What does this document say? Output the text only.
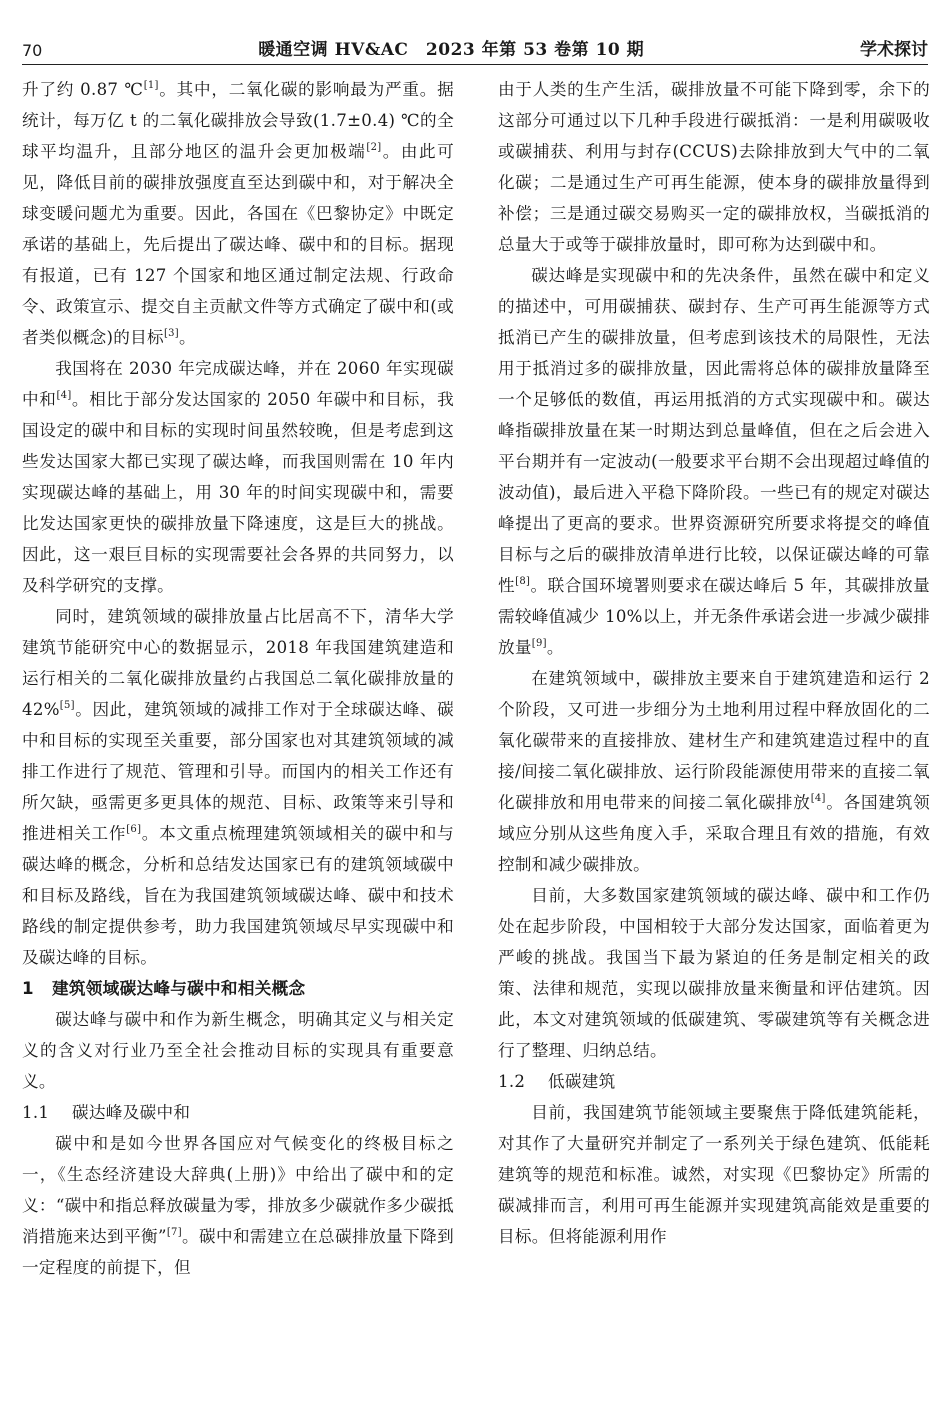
70	暖通空调 HV&AC　2023 年第 53 卷第 10 期	学术探讨

升了约 0.87 ℃[1]。其中，二氧化碳的影响最为严重。据统计，每万亿 t 的二氧化碳排放会导致(1.7±0.4) ℃的全球平均温升，且部分地区的温升会更加极端[2]。由此可见，降低目前的碳排放强度直至达到碳中和，对于解决全球变暖问题尤为重要。因此，各国在《巴黎协定》中既定承诺的基础上，先后提出了碳达峰、碳中和的目标。据现有报道，已有 127 个国家和地区通过制定法规、行政命令、政策宣示、提交自主贡献文件等方式确定了碳中和(或者类似概念)的目标[3]。

我国将在 2030 年完成碳达峰，并在 2060 年实现碳中和[4]。相比于部分发达国家的 2050 年碳中和目标，我国设定的碳中和目标的实现时间虽然较晚，但是考虑到这些发达国家大都已实现了碳达峰，而我国则需在 10 年内实现碳达峰的基础上，用 30 年的时间实现碳中和，需要比发达国家更快的碳排放量下降速度，这是巨大的挑战。因此，这一艰巨目标的实现需要社会各界的共同努力，以及科学研究的支撑。

同时，建筑领域的碳排放量占比居高不下，清华大学建筑节能研究中心的数据显示，2018 年我国建筑建造和运行相关的二氧化碳排放量约占我国总二氧化碳排放量的 42%[5]。因此，建筑领域的减排工作对于全球碳达峰、碳中和目标的实现至关重要，部分国家也对其建筑领域的减排工作进行了规范、管理和引导。而国内的相关工作还有所欠缺，亟需更多更具体的规范、目标、政策等来引导和推进相关工作[6]。本文重点梳理建筑领域相关的碳中和与碳达峰的概念，分析和总结发达国家已有的建筑领域碳中和目标及路线，旨在为我国建筑领域碳达峰、碳中和技术路线的制定提供参考，助力我国建筑领域尽早实现碳中和及碳达峰的目标。

1 建筑领域碳达峰与碳中和相关概念

碳达峰与碳中和作为新生概念，明确其定义与相关定义的含义对行业乃至全社会推动目标的实现具有重要意义。

1.1 碳达峰及碳中和

碳中和是如今世界各国应对气候变化的终极目标之一，《生态经济建设大辞典(上册)》中给出了碳中和的定义：“碳中和指总释放碳量为零，排放多少碳就作多少碳抵消措施来达到平衡”[7]。碳中和需建立在总碳排放量下降到一定程度的前提下，但

由于人类的生产生活，碳排放量不可能下降到零，余下的这部分可通过以下几种手段进行碳抵消：一是利用碳吸收或碳捕获、利用与封存(CCUS)去除排放到大气中的二氧化碳；二是通过生产可再生能源，使本身的碳排放量得到补偿；三是通过碳交易购买一定的碳排放权，当碳抵消的总量大于或等于碳排放量时，即可称为达到碳中和。

碳达峰是实现碳中和的先决条件，虽然在碳中和定义的描述中，可用碳捕获、碳封存、生产可再生能源等方式抵消已产生的碳排放量，但考虑到该技术的局限性，无法用于抵消过多的碳排放量，因此需将总体的碳排放量降至一个足够低的数值，再运用抵消的方式实现碳中和。碳达峰指碳排放量在某一时期达到总量峰值，但在之后会进入平台期并有一定波动(一般要求平台期不会出现超过峰值的波动值)，最后进入平稳下降阶段。一些已有的规定对碳达峰提出了更高的要求。世界资源研究所要求将提交的峰值目标与之后的碳排放清单进行比较，以保证碳达峰的可靠性[8]。联合国环境署则要求在碳达峰后 5 年，其碳排放量需较峰值减少 10%以上，并无条件承诺会进一步减少碳排放量[9]。

在建筑领域中，碳排放主要来自于建筑建造和运行 2 个阶段，又可进一步细分为土地利用过程中释放固化的二氧化碳带来的直接排放、建材生产和建筑建造过程中的直接/间接二氧化碳排放、运行阶段能源使用带来的直接二氧化碳排放和用电带来的间接二氧化碳排放[4]。各国建筑领域应分别从这些角度入手，采取合理且有效的措施，有效控制和减少碳排放。

目前，大多数国家建筑领域的碳达峰、碳中和工作仍处在起步阶段，中国相较于大部分发达国家，面临着更为严峻的挑战。我国当下最为紧迫的任务是制定相关的政策、法律和规范，实现以碳排放量来衡量和评估建筑。因此，本文对建筑领域的低碳建筑、零碳建筑等有关概念进行了整理、归纳总结。

1.2 低碳建筑

目前，我国建筑节能领域主要聚焦于降低建筑能耗，对其作了大量研究并制定了一系列关于绿色建筑、低能耗建筑等的规范和标准。诚然，对实现《巴黎协定》所需的碳减排而言，利用可再生能源并实现建筑高能效是重要的目标。但将能源利用作
